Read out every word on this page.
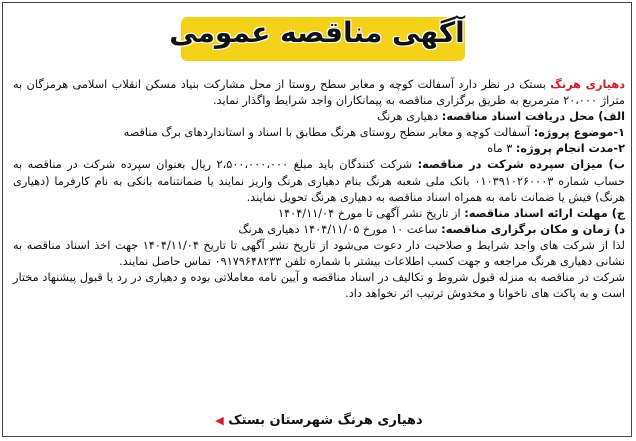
آگهی مناقصه عمومی

دهیاری هرنگ بستک در نظر دارد آسفالت کوچه و معابر سطح روستا از محل مشارکت بنیاد مسکن انقلاب اسلامی هرمزگان به متراژ ۲۰،۰۰۰ مترمربع به طریق برگزاری مناقصه به پیمانکاران واجد شرایط واگذار نماید.

الف) محل دریافت اسناد مناقصه: دهیاری هرنگ

۱-موضوع پروژه: آسفالت کوچه و معابر سطح روستای هرنگ مطابق با اسناد و استانداردهای برگ مناقصه

۲-مدت انجام پروژه: ۳ ماه

ب) میزان سپرده شرکت در مناقصه: شرکت کنندگان باید مبلغ ۲،۵۰۰،۰۰۰،۰۰۰ ریال بعنوان سپرده شرکت در مناقصه به حساب شماره ۰۱۰۳۹۱۰۲۶۰۰۰۳ بانک ملی شعبه هرنگ بنام دهیاری هرنگ واریز نمایند یا ضمانتنامه بانکی به نام کارفرما (دهیاری هرنگ) فیش یا ضمانت نامه به همراه اسناد مناقصه به دهیاری هرنگ تحویل نمایند.

ج) مهلت ارائه اسناد مناقصه: از تاریخ نشر آگهی تا مورخ ۱۴۰۴/۱۱/۰۴

د) زمان و مکان برگزاری مناقصه: ساعت ۱۰ مورخ ۱۴۰۴/۱۱/۰۵ دهیاری هرنگ

لذا از شرکت های واجد شرایط و صلاحیت دار دعوت می‌شود از تاریخ نشر آگهی تا تاریخ ۱۴۰۴/۱۱/۰۴ جهت اخذ اسناد مناقصه به نشانی دهیاری هرنگ مراجعه و جهت کسب اطلاعات بیشتر با شماره تلفن ۰۹۱۷۹۶۴۸۲۳۳ تماس حاصل نمایند.

شرکت در مناقصه به منزله قبول شروط و تکالیف در اسناد مناقصه و آیین نامه معاملاتی بوده و دهیاری در رد یا قبول پیشنهاد مختار است و به پاکت های ناخوانا و مخدوش ترتیب اثر نخواهد داد.

دهیاری هرنگ شهرستان بستک ◀
